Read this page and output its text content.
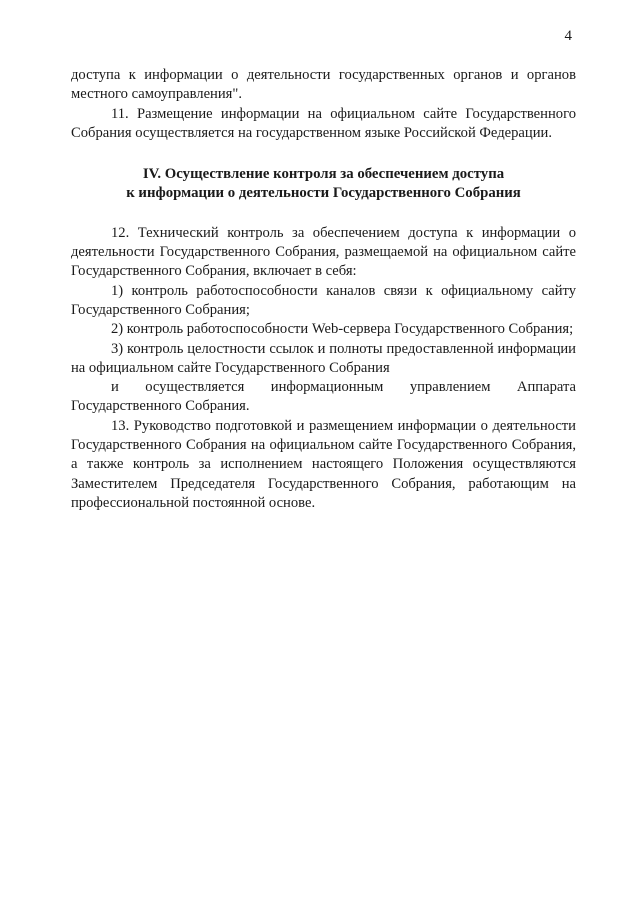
4

доступа к информации о деятельности государственных органов и органов местного самоуправления".

11. Размещение информации на официальном сайте Государственного Собрания осуществляется на государственном языке Российской Федерации.

IV. Осуществление контроля за обеспечением доступа
к информации о деятельности Государственного Собрания

12. Технический контроль за обеспечением доступа к информации о деятельности Государственного Собрания, размещаемой на официальном сайте Государственного Собрания, включает в себя:

1) контроль работоспособности каналов связи к официальному сайту Государственного Собрания;

2) контроль работоспособности Web-сервера Государственного Собрания;

3) контроль целостности ссылок и полноты предоставленной информации на официальном сайте Государственного Собрания

и осуществляется информационным управлением Аппарата Государственного Собрания.

13. Руководство подготовкой и размещением информации о деятельности Государственного Собрания на официальном сайте Государственного Собрания, а также контроль за исполнением настоящего Положения осуществляются Заместителем Председателя Государственного Собрания, работающим на профессиональной постоянной основе.
